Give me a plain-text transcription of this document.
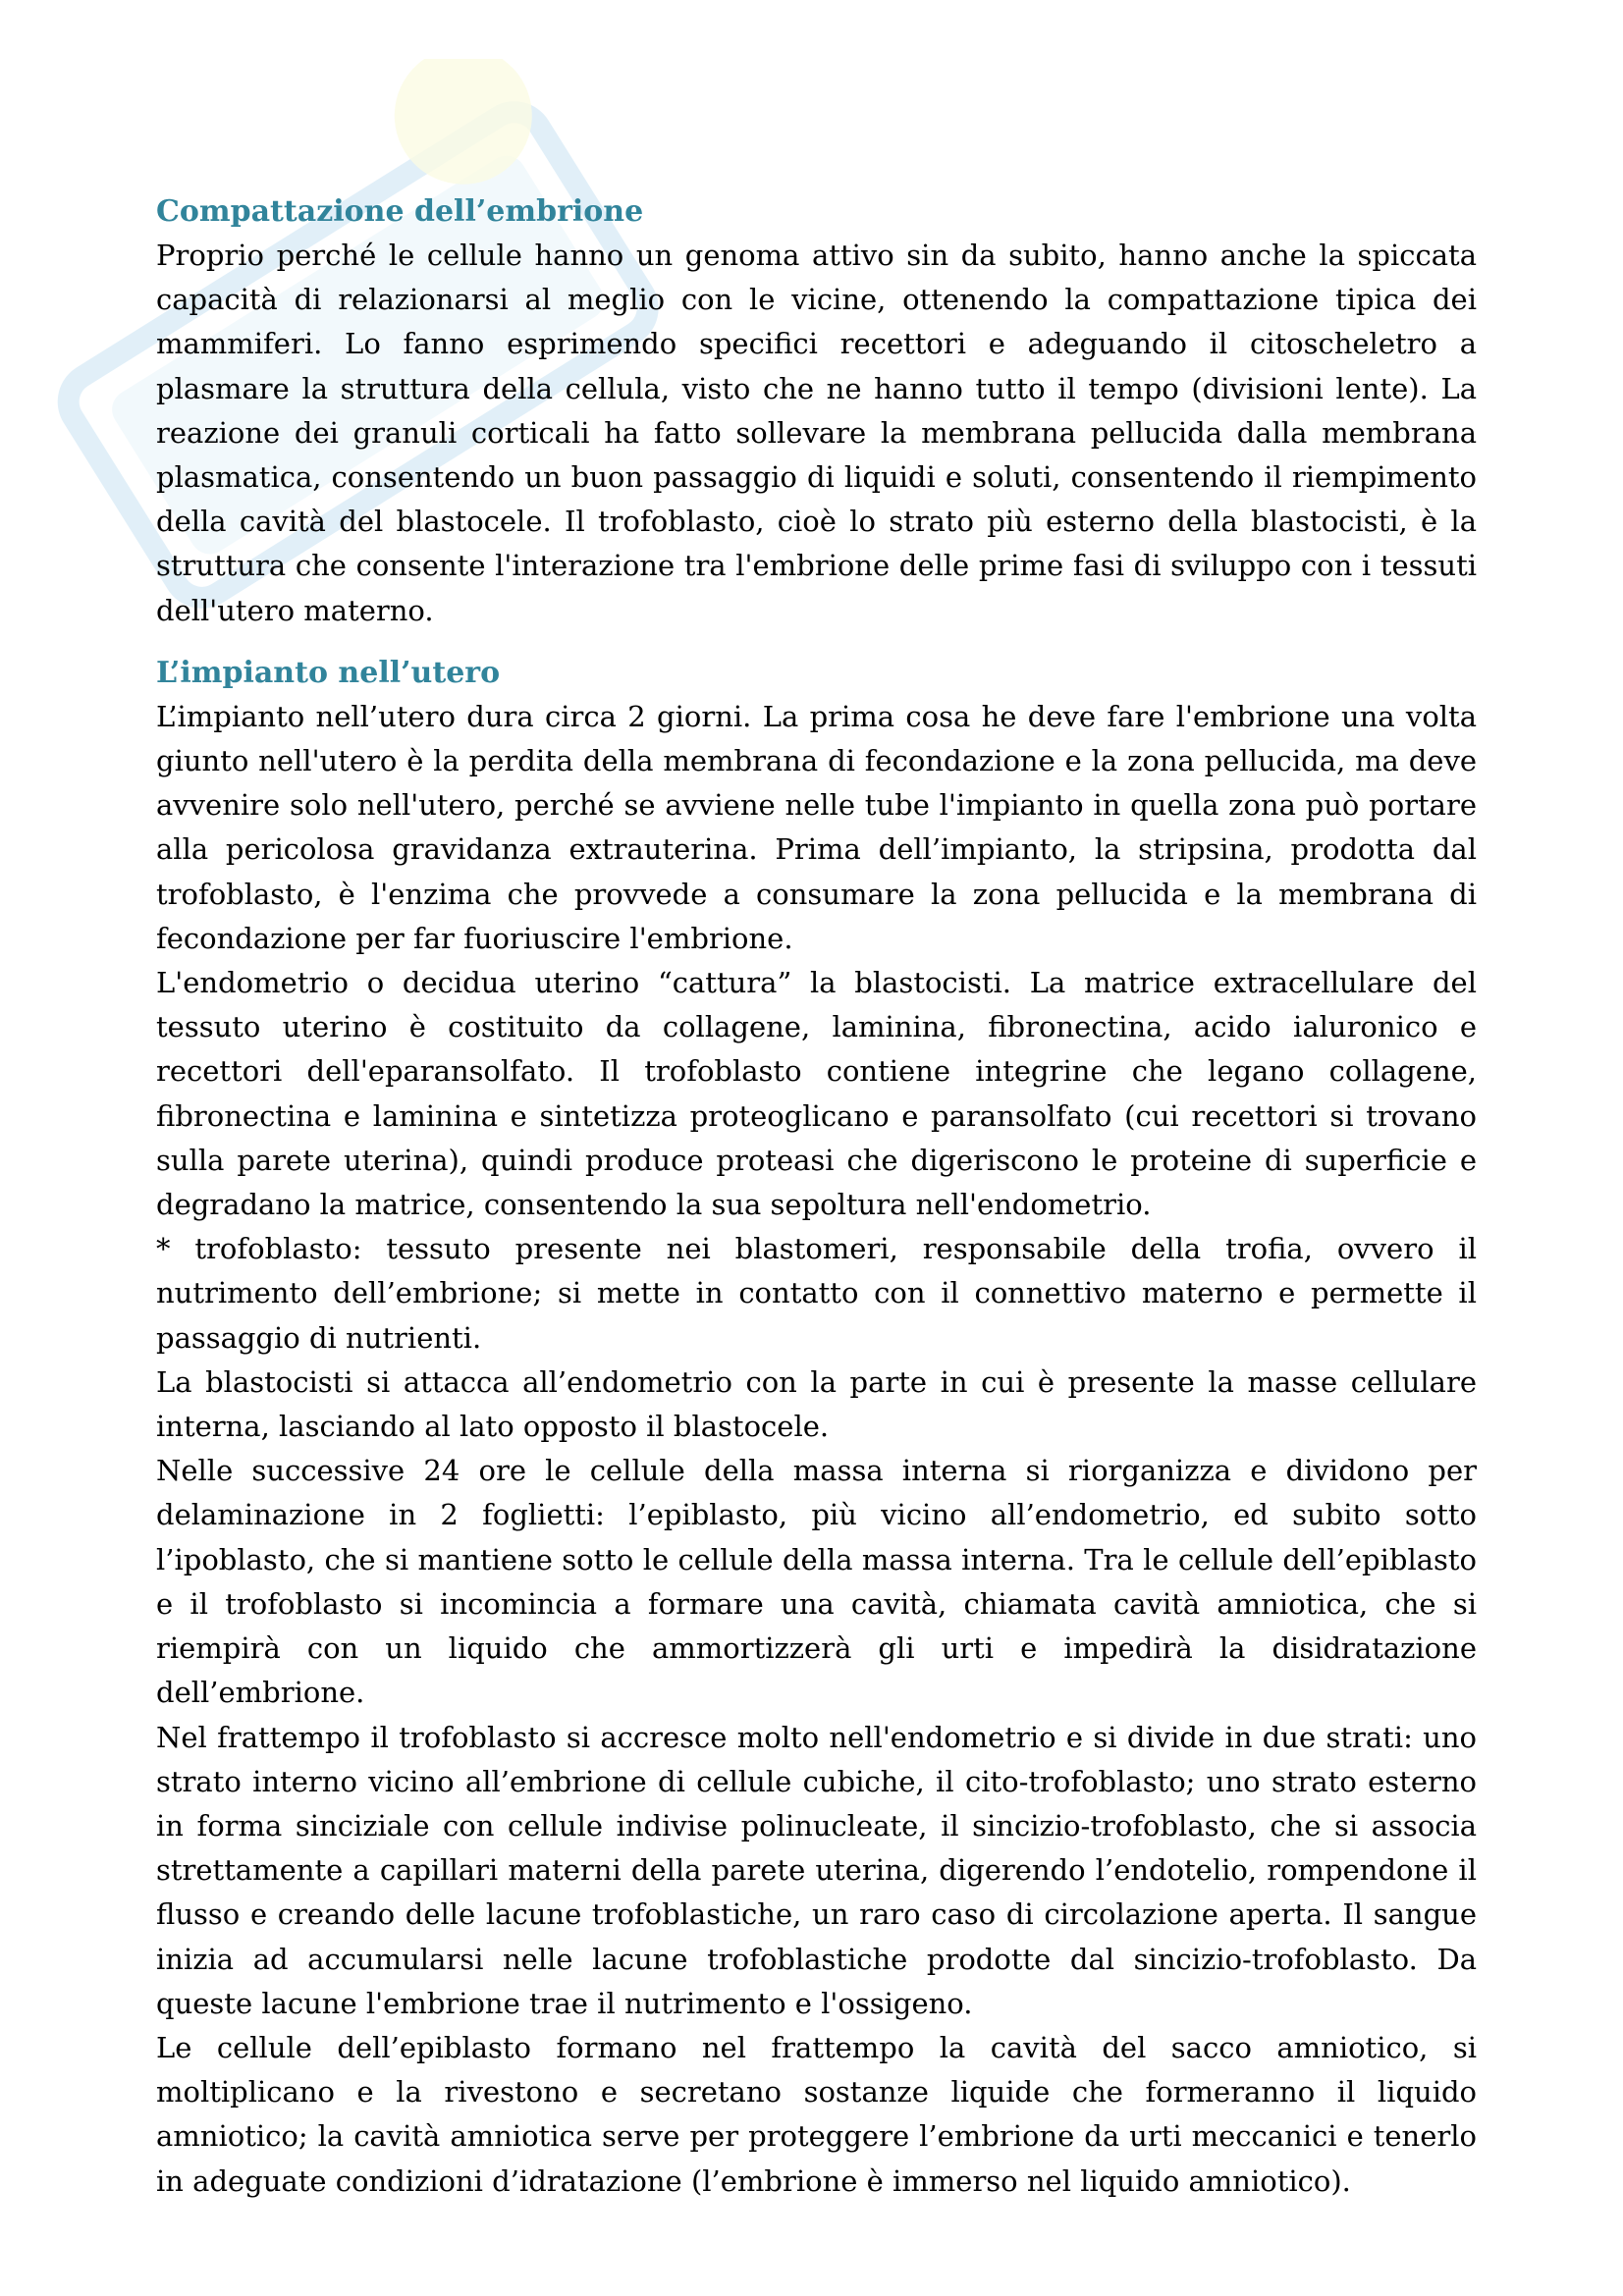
Compattazione dell’embrione

Proprio perché le cellule hanno un genoma attivo sin da subito, hanno anche la spiccata capacità di relazionarsi al meglio con le vicine, ottenendo la compattazione tipica dei mammiferi. Lo fanno esprimendo specifici recettori e adeguando il citoscheletro a plasmare la struttura della cellula, visto che ne hanno tutto il tempo (divisioni lente). La reazione dei granuli corticali ha fatto sollevare la membrana pellucida dalla membrana plasmatica, consentendo un buon passaggio di liquidi e soluti, consentendo il riempimento della cavità del blastocele. Il trofoblasto, cioè lo strato più esterno della blastocisti, è la struttura che consente l'interazione tra l'embrione delle prime fasi di sviluppo con i tessuti dell'utero materno.

L’impianto nell’utero

L’impianto nell’utero dura circa 2 giorni. La prima cosa he deve fare l'embrione una volta giunto nell'utero è la perdita della membrana di fecondazione e la zona pellucida, ma deve avvenire solo nell'utero, perché se avviene nelle tube l'impianto in quella zona può portare alla pericolosa gravidanza extrauterina. Prima dell’impianto, la stripsina, prodotta dal trofoblasto, è l'enzima che provvede a consumare la zona pellucida e la membrana di fecondazione per far fuoriuscire l'embrione.

L'endometrio o decidua uterino “cattura” la blastocisti. La matrice extracellulare del tessuto uterino è costituito da collagene, laminina, fibronectina, acido ialuronico e recettori dell'eparansolfato. Il trofoblasto contiene integrine che legano collagene, fibronectina e laminina e sintetizza proteoglicano e paransolfato (cui recettori si trovano sulla parete uterina), quindi produce proteasi che digeriscono le proteine di superficie e degradano la matrice, consentendo la sua sepoltura nell'endometrio.

* trofoblasto: tessuto presente nei blastomeri, responsabile della trofia, ovvero il nutrimento dell’embrione; si mette in contatto con il connettivo materno e permette il passaggio di nutrienti.

La blastocisti si attacca all’endometrio con la parte in cui è presente la masse cellulare interna, lasciando al lato opposto il blastocele.

Nelle successive 24 ore le cellule della massa interna si riorganizza e dividono per delaminazione in 2 foglietti: l’epiblasto, più vicino all’endometrio, ed subito sotto l’ipoblasto, che si mantiene sotto le cellule della massa interna. Tra le cellule dell’epiblasto e il trofoblasto si incomincia a formare una cavità, chiamata cavità amniotica, che si riempirà con un liquido che ammortizzerà gli urti e impedirà la disidratazione dell’embrione.

Nel frattempo il trofoblasto si accresce molto nell'endometrio e si divide in due strati: uno strato interno vicino all’embrione di cellule cubiche, il cito-trofoblasto; uno strato esterno in forma sinciziale con cellule indivise polinucleate, il sincizio-trofoblasto, che si associa strettamente a capillari materni della parete uterina, digerendo l’endotelio, rompendone il flusso e creando delle lacune trofoblastiche, un raro caso di circolazione aperta. Il sangue inizia ad accumularsi nelle lacune trofoblastiche prodotte dal sincizio-trofoblasto. Da queste lacune l'embrione trae il nutrimento e l'ossigeno.

Le cellule dell’epiblasto formano nel frattempo la cavità del sacco amniotico, si moltiplicano e la rivestono e secretano sostanze liquide che formeranno il liquido amniotico; la cavità amniotica serve per proteggere l’embrione da urti meccanici e tenerlo in adeguate condizioni d’idratazione (l’embrione è immerso nel liquido amniotico).
